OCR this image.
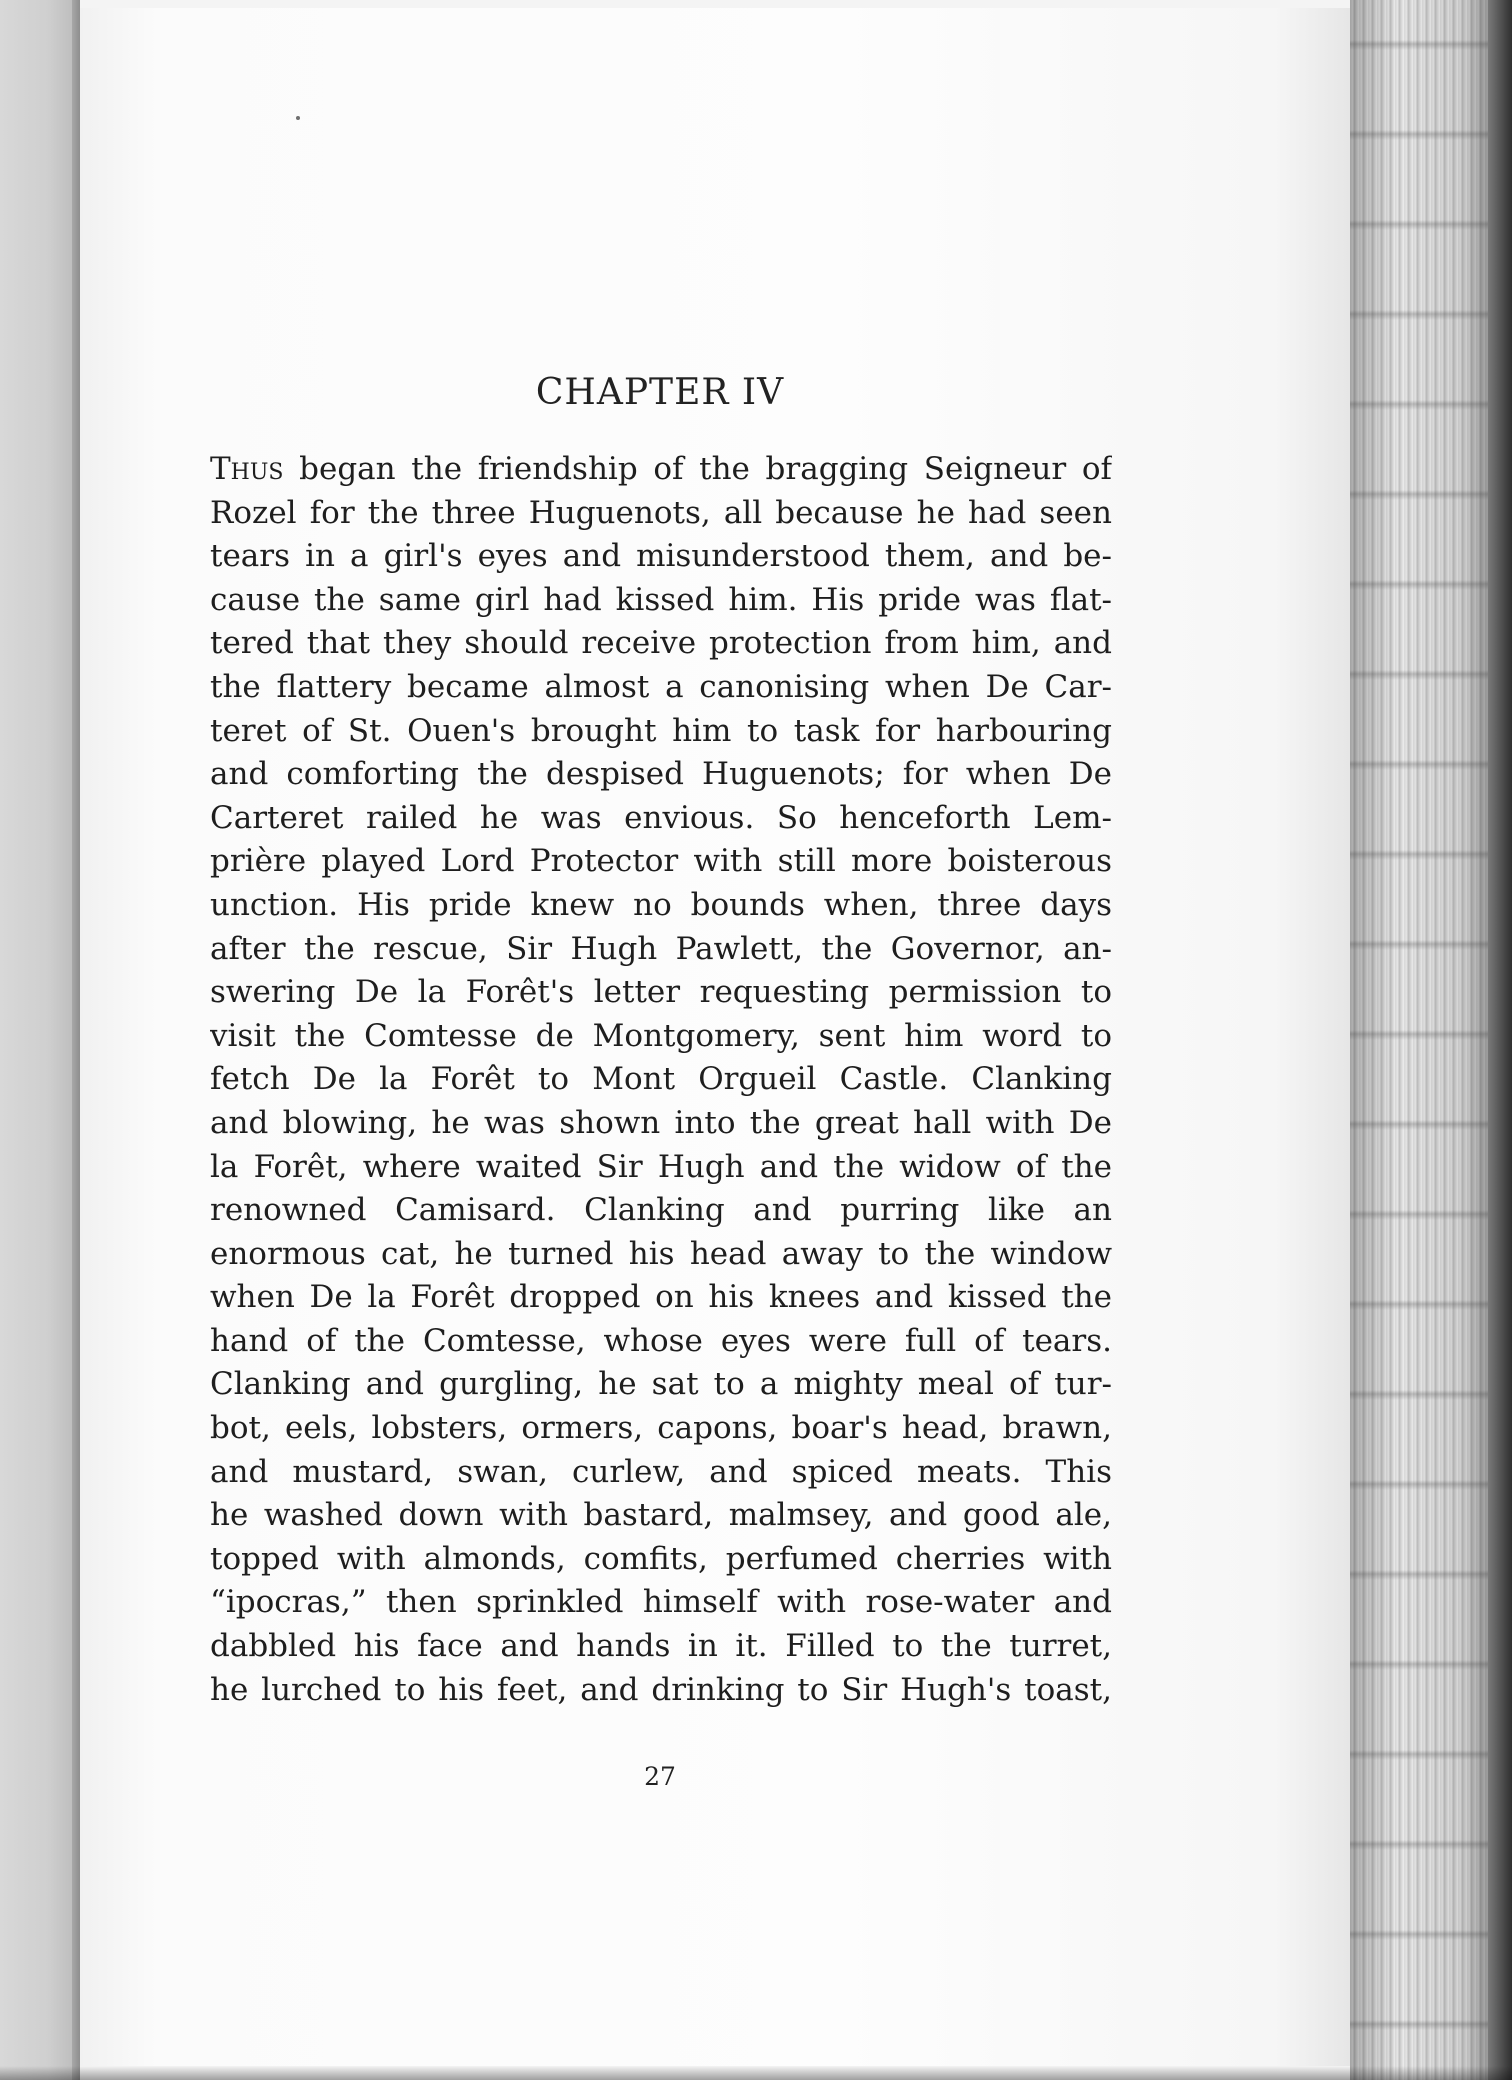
CHAPTER IV
Thus began the friendship of the bragging Seigneur of
Rozel for the three Huguenots, all because he had seen
tears in a girl's eyes and misunderstood them, and be-
cause the same girl had kissed him. His pride was flat-
tered that they should receive protection from him, and
the flattery became almost a canonising when De Car-
teret of St. Ouen's brought him to task for harbouring
and comforting the despised Huguenots; for when De
Carteret railed he was envious. So henceforth Lem-
prière played Lord Protector with still more boisterous
unction. His pride knew no bounds when, three days
after the rescue, Sir Hugh Pawlett, the Governor, an-
swering De la Forêt's letter requesting permission to
visit the Comtesse de Montgomery, sent him word to
fetch De la Forêt to Mont Orgueil Castle. Clanking
and blowing, he was shown into the great hall with De
la Forêt, where waited Sir Hugh and the widow of the
renowned Camisard. Clanking and purring like an
enormous cat, he turned his head away to the window
when De la Forêt dropped on his knees and kissed the
hand of the Comtesse, whose eyes were full of tears.
Clanking and gurgling, he sat to a mighty meal of tur-
bot, eels, lobsters, ormers, capons, boar's head, brawn,
and mustard, swan, curlew, and spiced meats. This
he washed down with bastard, malmsey, and good ale,
topped with almonds, comfits, perfumed cherries with
“ipocras,” then sprinkled himself with rose-water and
dabbled his face and hands in it. Filled to the turret,
he lurched to his feet, and drinking to Sir Hugh's toast,
27
